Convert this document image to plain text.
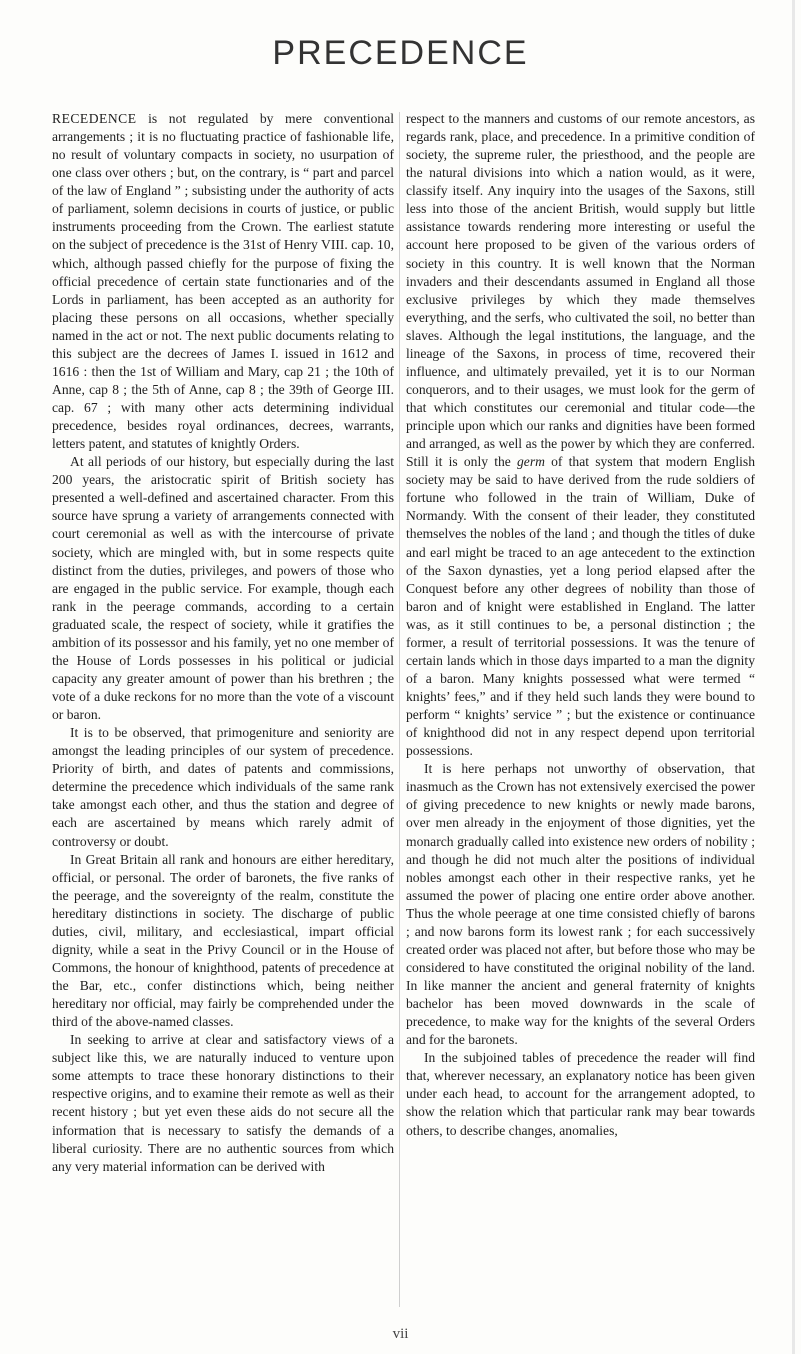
PRECEDENCE

RECEDENCE is not regulated by mere conventional arrangements ; it is no fluctuating practice of fashionable life, no result of voluntary compacts in society, no usurpation of one class over others ; but, on the contrary, is “ part and parcel of the law of England ” ; subsisting under the authority of acts of parliament, solemn decisions in courts of justice, or public instruments proceeding from the Crown. The earliest statute on the subject of precedence is the 31st of Henry VIII. cap. 10, which, although passed chiefly for the purpose of fixing the official precedence of certain state functionaries and of the Lords in parliament, has been accepted as an authority for placing these persons on all occasions, whether specially named in the act or not. The next public documents relating to this subject are the decrees of James I. issued in 1612 and 1616 : then the 1st of William and Mary, cap 21 ; the 10th of Anne, cap 8 ; the 5th of Anne, cap 8 ; the 39th of George III. cap. 67 ; with many other acts determining individual precedence, besides royal ordinances, decrees, warrants, letters patent, and statutes of knightly Orders.

At all periods of our history, but especially during the last 200 years, the aristocratic spirit of British society has presented a well-defined and ascertained character. From this source have sprung a variety of arrangements connected with court ceremonial as well as with the intercourse of private society, which are mingled with, but in some respects quite distinct from the duties, privileges, and powers of those who are engaged in the public service. For example, though each rank in the peerage commands, according to a certain graduated scale, the respect of society, while it gratifies the ambition of its possessor and his family, yet no one member of the House of Lords possesses in his political or judicial capacity any greater amount of power than his brethren ; the vote of a duke reckons for no more than the vote of a viscount or baron.

It is to be observed, that primogeniture and seniority are amongst the leading principles of our system of precedence. Priority of birth, and dates of patents and commissions, determine the precedence which individuals of the same rank take amongst each other, and thus the station and degree of each are ascertained by means which rarely admit of controversy or doubt.

In Great Britain all rank and honours are either hereditary, official, or personal. The order of baronets, the five ranks of the peerage, and the sovereignty of the realm, constitute the hereditary distinctions in society. The discharge of public duties, civil, military, and ecclesiastical, impart official dignity, while a seat in the Privy Council or in the House of Commons, the honour of knighthood, patents of precedence at the Bar, etc., confer distinctions which, being neither hereditary nor official, may fairly be comprehended under the third of the above-named classes.

In seeking to arrive at clear and satisfactory views of a subject like this, we are naturally induced to venture upon some attempts to trace these honorary distinctions to their respective origins, and to examine their remote as well as their recent history ; but yet even these aids do not secure all the information that is necessary to satisfy the demands of a liberal curiosity. There are no authentic sources from which any very material information can be derived with

respect to the manners and customs of our remote ancestors, as regards rank, place, and precedence. In a primitive condition of society, the supreme ruler, the priesthood, and the people are the natural divisions into which a nation would, as it were, classify itself. Any inquiry into the usages of the Saxons, still less into those of the ancient British, would supply but little assistance towards rendering more interesting or useful the account here proposed to be given of the various orders of society in this country. It is well known that the Norman invaders and their descendants assumed in England all those exclusive privileges by which they made themselves everything, and the serfs, who cultivated the soil, no better than slaves. Although the legal institutions, the language, and the lineage of the Saxons, in process of time, recovered their influence, and ultimately prevailed, yet it is to our Norman conquerors, and to their usages, we must look for the germ of that which constitutes our ceremonial and titular code—the principle upon which our ranks and dignities have been formed and arranged, as well as the power by which they are conferred. Still it is only the germ of that system that modern English society may be said to have derived from the rude soldiers of fortune who followed in the train of William, Duke of Normandy. With the consent of their leader, they constituted themselves the nobles of the land ; and though the titles of duke and earl might be traced to an age antecedent to the extinction of the Saxon dynasties, yet a long period elapsed after the Conquest before any other degrees of nobility than those of baron and of knight were established in England. The latter was, as it still continues to be, a personal distinction ; the former, a result of territorial possessions. It was the tenure of certain lands which in those days imparted to a man the dignity of a baron. Many knights possessed what were termed “ knights’ fees,” and if they held such lands they were bound to perform “ knights’ service ” ; but the existence or continuance of knighthood did not in any respect depend upon territorial possessions.

It is here perhaps not unworthy of observation, that inasmuch as the Crown has not extensively exercised the power of giving precedence to new knights or newly made barons, over men already in the enjoyment of those dignities, yet the monarch gradually called into existence new orders of nobility ; and though he did not much alter the positions of individual nobles amongst each other in their respective ranks, yet he assumed the power of placing one entire order above another. Thus the whole peerage at one time consisted chiefly of barons ; and now barons form its lowest rank ; for each successively created order was placed not after, but before those who may be considered to have constituted the original nobility of the land. In like manner the ancient and general fraternity of knights bachelor has been moved downwards in the scale of precedence, to make way for the knights of the several Orders and for the baronets.

In the subjoined tables of precedence the reader will find that, wherever necessary, an explanatory notice has been given under each head, to account for the arrangement adopted, to show the relation which that particular rank may bear towards others, to describe changes, anomalies,

vii
